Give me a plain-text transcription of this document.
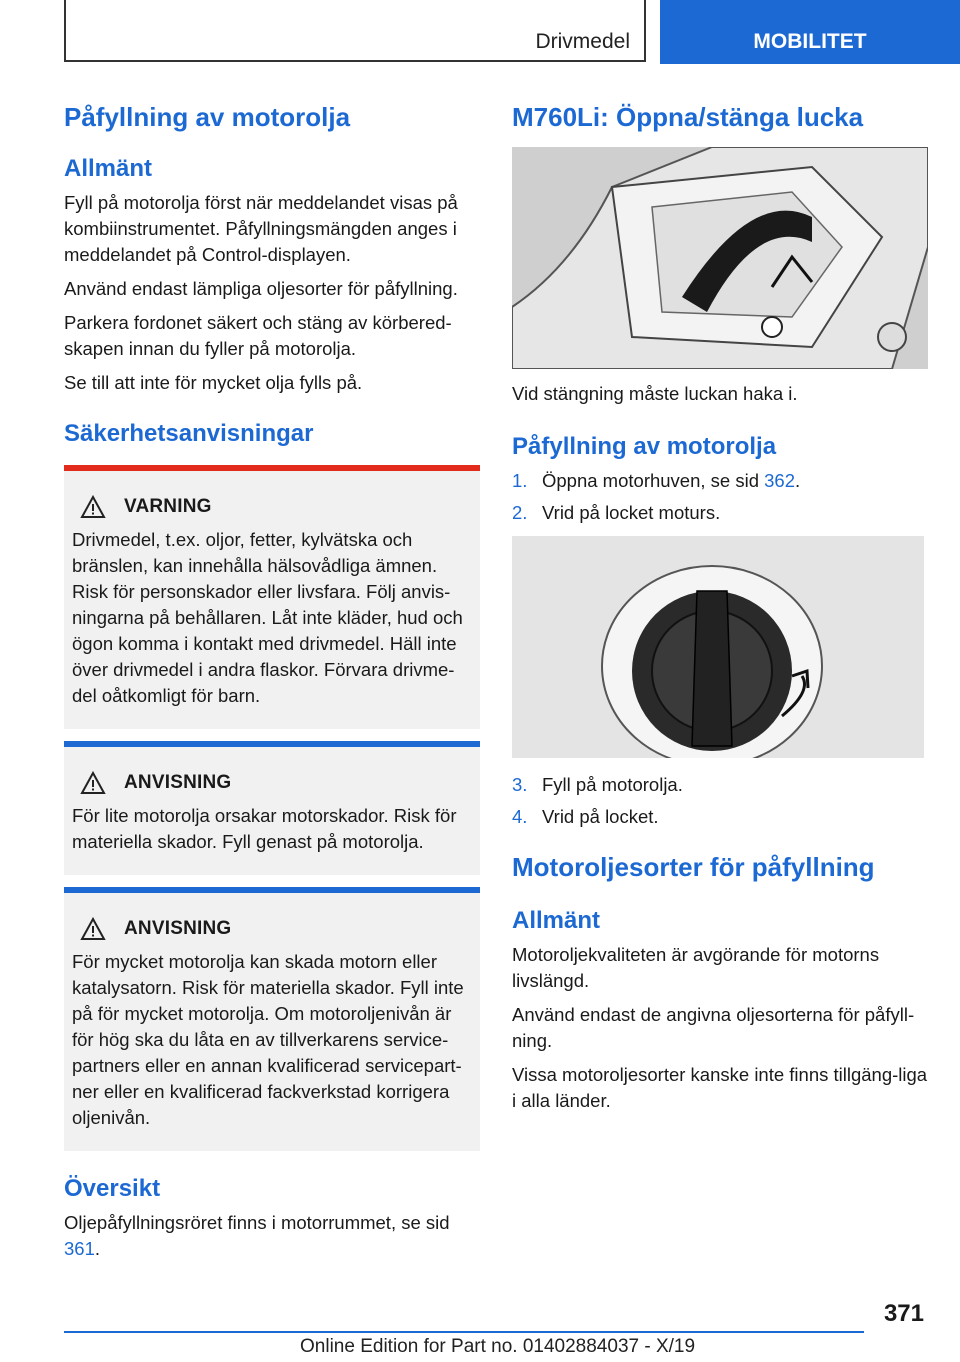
Drivmedel	MOBILITET
Påfyllning av motorolja
Allmänt

Fyll på motorolja först när meddelandet visas på kombiinstrumentet. Påfyllningsmängden anges i meddelandet på Control-displayen.

Använd endast lämpliga oljesorter för påfyllning.

Parkera fordonet säkert och stäng av körbered-skapen innan du fyller på motorolja.

Se till att inte för mycket olja fylls på.

Säkerhetsanvisningar
VARNING

Drivmedel, t.ex. oljor, fetter, kylvätska och bränslen, kan innehålla hälsovådliga ämnen. Risk för personskador eller livsfara. Följ anvis-ningarna på behållaren. Låt inte kläder, hud och ögon komma i kontakt med drivmedel. Häll inte över drivmedel i andra flaskor. Förvara drivme-del oåtkomligt för barn.

ANVISNING

För lite motorolja orsakar motorskador. Risk för materiella skador. Fyll genast på motorolja.

ANVISNING

För mycket motorolja kan skada motorn eller katalysatorn. Risk för materiella skador. Fyll inte på för mycket motorolja. Om motoroljenivån är för hög ska du låta en av tillverkarens service-partners eller en annan kvalificerad servicepart-ner eller en kvalificerad fackverkstad korrigera oljenivån.

Översikt

Oljepåfyllningsröret finns i motorrummet, se sid 361.

M760Li: Öppna/stänga lucka

Vid stängning måste luckan haka i.

Påfyllning av motorolja
1. Öppna motorhuven, se sid 362.
2. Vrid på locket moturs.
3. Fyll på motorolja.
4. Vrid på locket.
Motoroljesorter för påfyllning
Allmänt

Motoroljekvaliteten är avgörande för motorns livslängd.

Använd endast de angivna oljesorterna för påfyll-ning.

Vissa motoroljesorter kanske inte finns tillgäng-liga i alla länder.

371
Online Edition for Part no. 01402884037 - X/19
